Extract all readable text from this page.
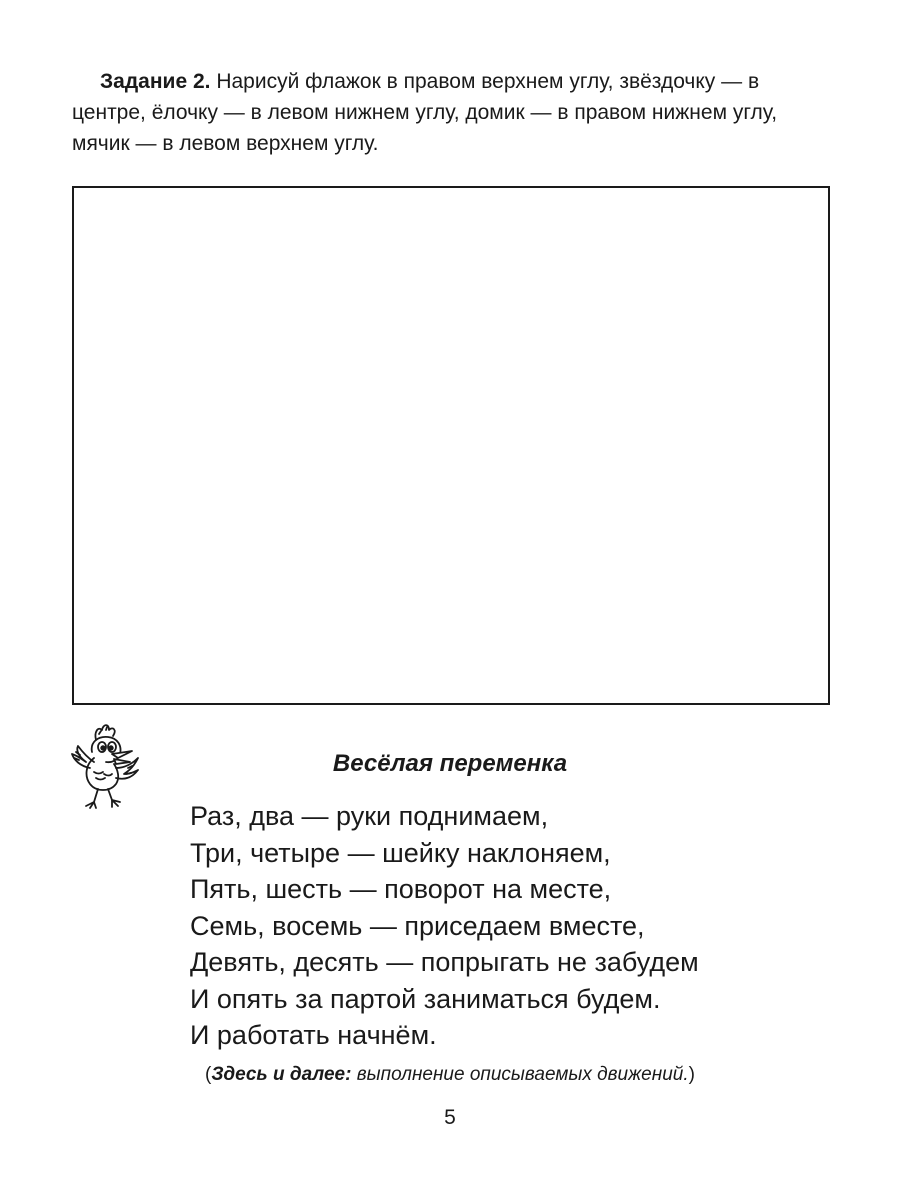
Задание 2. Нарисуй флажок в правом верхнем углу, звёздочку — в центре, ёлочку — в левом нижнем углу, домик — в правом нижнем углу, мячик — в левом верхнем углу.

Весёлая переменка
Раз, два — руки поднимаем,
Три, четыре — шейку наклоняем,
Пять, шесть — поворот на месте,
Семь, восемь — приседаем вместе,
Девять, десять — попрыгать не забудем
И опять за партой заниматься будем.
И работать начнём.
(Здесь и далее: выполнение описываемых движений.)
5
